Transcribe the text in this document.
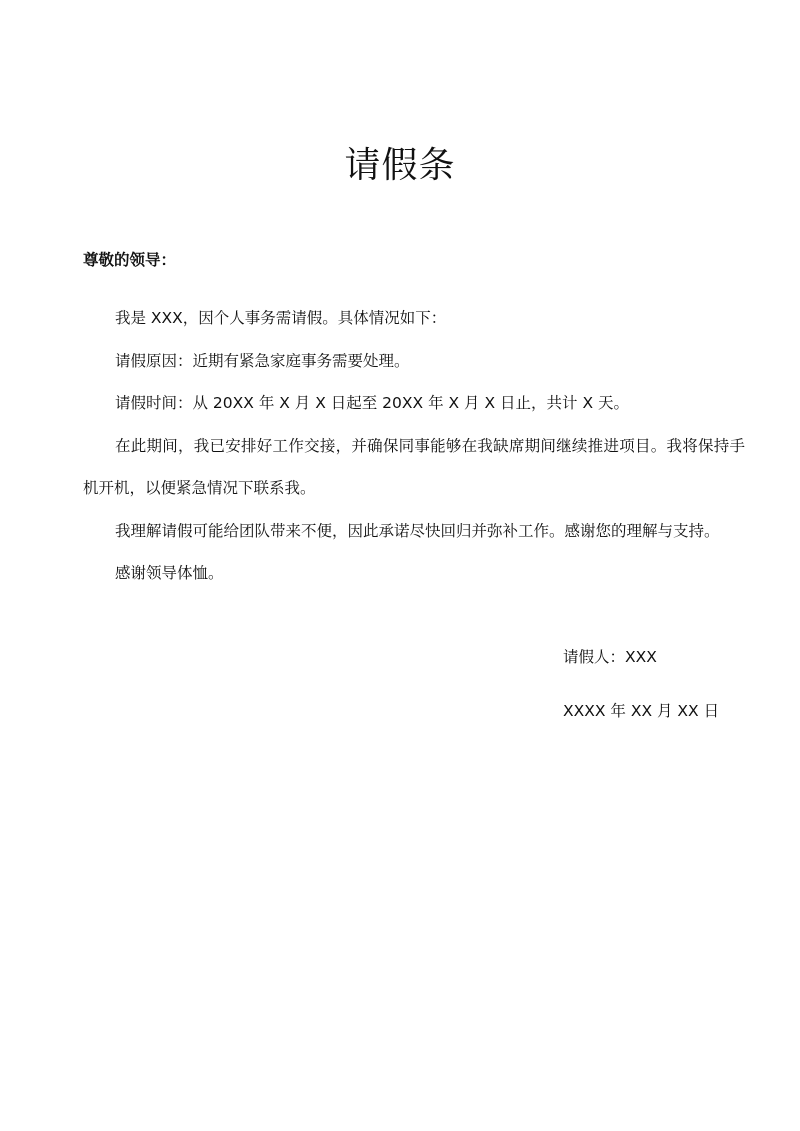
请假条

尊敬的领导：

我是 XXX，因个人事务需请假。具体情况如下：

请假原因：近期有紧急家庭事务需要处理。

请假时间：从 20XX 年 X 月 X 日起至 20XX 年 X 月 X 日止，共计 X 天。

在此期间，我已安排好工作交接，并确保同事能够在我缺席期间继续推进项目。我将保持手机开机，以便紧急情况下联系我。

我理解请假可能给团队带来不便，因此承诺尽快回归并弥补工作。感谢您的理解与支持。

感谢领导体恤。

请假人：XXX

XXXX 年 XX 月 XX 日
